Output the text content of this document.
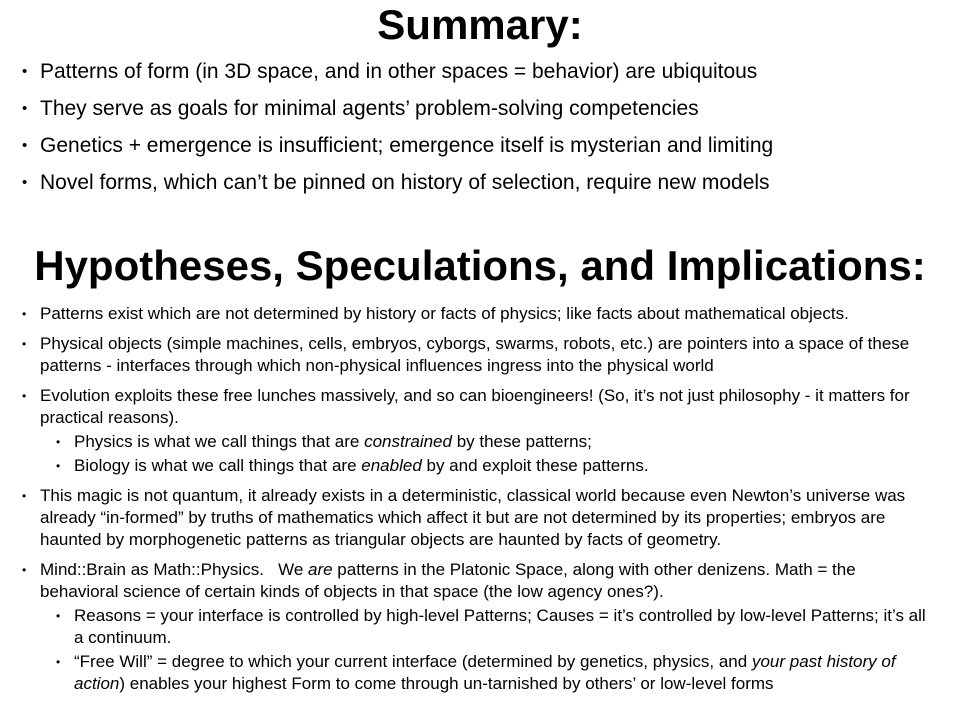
Summary:
• Patterns of form (in 3D space, and in other spaces = behavior) are ubiquitous
• They serve as goals for minimal agents’ problem-solving competencies
• Genetics + emergence is insufficient; emergence itself is mysterian and limiting
• Novel forms, which can’t be pinned on history of selection, require new models
Hypotheses, Speculations, and Implications:
• Patterns exist which are not determined by history or facts of physics; like facts about mathematical objects.
• Physical objects (simple machines, cells, embryos, cyborgs, swarms, robots, etc.) are pointers into a space of these patterns - interfaces through which non-physical influences ingress into the physical world
• Evolution exploits these free lunches massively, and so can bioengineers! (So, it’s not just philosophy - it matters for practical reasons).
• Physics is what we call things that are constrained by these patterns;
• Biology is what we call things that are enabled by and exploit these patterns.
• This magic is not quantum, it already exists in a deterministic, classical world because even Newton’s universe was already “in-formed” by truths of mathematics which affect it but are not determined by its properties; embryos are haunted by morphogenetic patterns as triangular objects are haunted by facts of geometry.
• Mind::Brain as Math::Physics.   We are patterns in the Platonic Space, along with other denizens. Math = the behavioral science of certain kinds of objects in that space (the low agency ones?).
• Reasons = your interface is controlled by high-level Patterns; Causes = it’s controlled by low-level Patterns; it’s all a continuum.
• “Free Will” = degree to which your current interface (determined by genetics, physics, and your past history of action) enables your highest Form to come through un-tarnished by others’ or low-level forms
